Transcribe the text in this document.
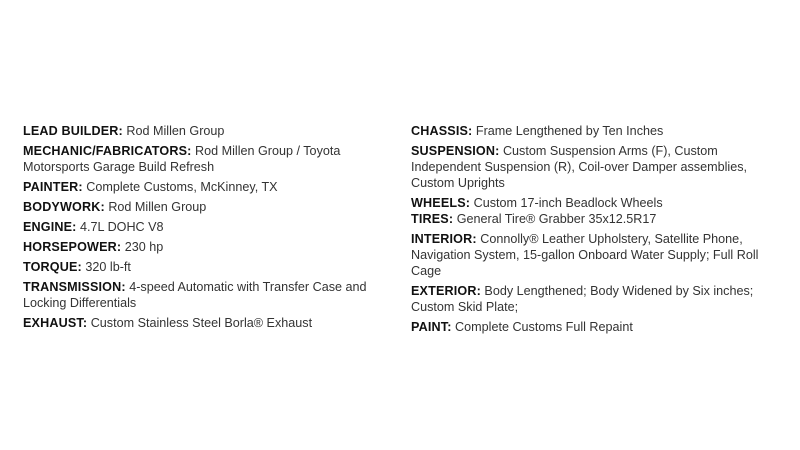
LEAD BUILDER: Rod Millen Group

MECHANIC/FABRICATORS: Rod Millen Group / Toyota Motorsports Garage Build Refresh

PAINTER: Complete Customs, McKinney, TX

BODYWORK: Rod Millen Group

ENGINE: 4.7L DOHC V8

HORSEPOWER: 230 hp

TORQUE: 320 lb-ft

TRANSMISSION: 4-speed Automatic with Transfer Case and Locking Differentials

EXHAUST: Custom Stainless Steel Borla® Exhaust

CHASSIS: Frame Lengthened by Ten Inches

SUSPENSION: Custom Suspension Arms (F), Custom Independent Suspension (R), Coil-over Damper assemblies, Custom Uprights

WHEELS: Custom 17-inch Beadlock Wheels

TIRES: General Tire® Grabber 35x12.5R17

INTERIOR: Connolly® Leather Upholstery, Satellite Phone, Navigation System, 15-gallon Onboard Water Supply; Full Roll Cage

EXTERIOR: Body Lengthened; Body Widened by Six inches; Custom Skid Plate;

PAINT: Complete Customs Full Repaint
